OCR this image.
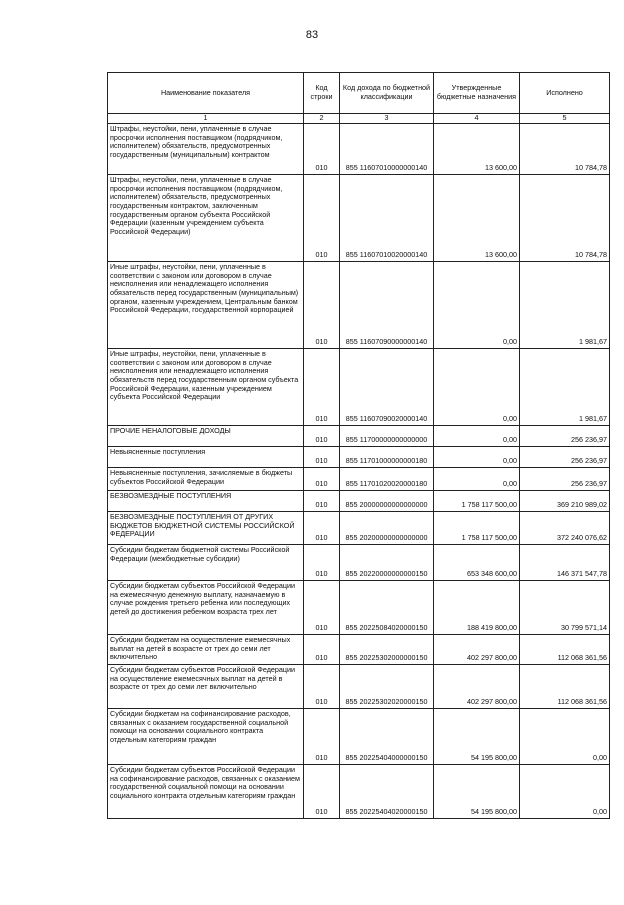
83
Наименование показателя	Код строки	Код дохода по бюджетной классификации	Утвержденные бюджетные назначения	Исполнено
1	2	3	4	5
Штрафы, неустойки, пени, уплаченные в случае просрочки исполнения поставщиком (подрядчиком, исполнителем) обязательств, предусмотренных государственным (муниципальным) контрактом	010	855 11607010000000140	13 600,00	10 784,78
Штрафы, неустойки, пени, уплаченные в случае просрочки исполнения поставщиком (подрядчиком, исполнителем) обязательств, предусмотренных государственным контрактом, заключенным государственным органом субъекта Российской Федерации (казенным учреждением субъекта Российской Федерации)	010	855 11607010020000140	13 600,00	10 784,78
Иные штрафы, неустойки, пени, уплаченные в соответствии с законом или договором в случае неисполнения или ненадлежащего исполнения обязательств перед государственным (муниципальным) органом, казенным учреждением, Центральным банком Российской Федерации, государственной корпорацией	010	855 11607090000000140	0,00	1 981,67
Иные штрафы, неустойки, пени, уплаченные в соответствии с законом или договором в случае неисполнения или ненадлежащего исполнения обязательств перед государственным органом субъекта Российской Федерации, казенным учреждением субъекта Российской Федерации	010	855 11607090020000140	0,00	1 981,67
ПРОЧИЕ НЕНАЛОГОВЫЕ ДОХОДЫ	010	855 11700000000000000	0,00	256 236,97
Невыясненные поступления	010	855 11701000000000180	0,00	256 236,97
Невыясненные поступления, зачисляемые в бюджеты субъектов Российской Федерации	010	855 11701020020000180	0,00	256 236,97
БЕЗВОЗМЕЗДНЫЕ ПОСТУПЛЕНИЯ	010	855 20000000000000000	1 758 117 500,00	369 210 989,02
БЕЗВОЗМЕЗДНЫЕ ПОСТУПЛЕНИЯ ОТ ДРУГИХ БЮДЖЕТОВ БЮДЖЕТНОЙ СИСТЕМЫ РОССИЙСКОЙ ФЕДЕРАЦИИ	010	855 20200000000000000	1 758 117 500,00	372 240 076,62
Субсидии бюджетам бюджетной системы Российской Федерации (межбюджетные субсидии)	010	855 20220000000000150	653 348 600,00	146 371 547,78
Субсидии бюджетам субъектов Российской Федерации на ежемесячную денежную выплату, назначаемую в случае рождения третьего ребенка или последующих детей до достижения ребенком возраста трех лет	010	855 20225084020000150	188 419 800,00	30 799 571,14
Субсидии бюджетам на осуществление ежемесячных выплат на детей в возрасте от трех до семи лет включительно	010	855 20225302000000150	402 297 800,00	112 068 361,56
Субсидии бюджетам субъектов Российской Федерации на осуществление ежемесячных выплат на детей в возрасте от трех до семи лет включительно	010	855 20225302020000150	402 297 800,00	112 068 361,56
Субсидии бюджетам на софинансирование расходов, связанных с оказанием государственной социальной помощи на основании социального контракта отдельным категориям граждан	010	855 20225404000000150	54 195 800,00	0,00
Субсидии бюджетам субъектов Российской Федерации на софинансирование расходов, связанных с оказанием государственной социальной помощи на основании социального контракта отдельным категориям граждан	010	855 20225404020000150	54 195 800,00	0,00
